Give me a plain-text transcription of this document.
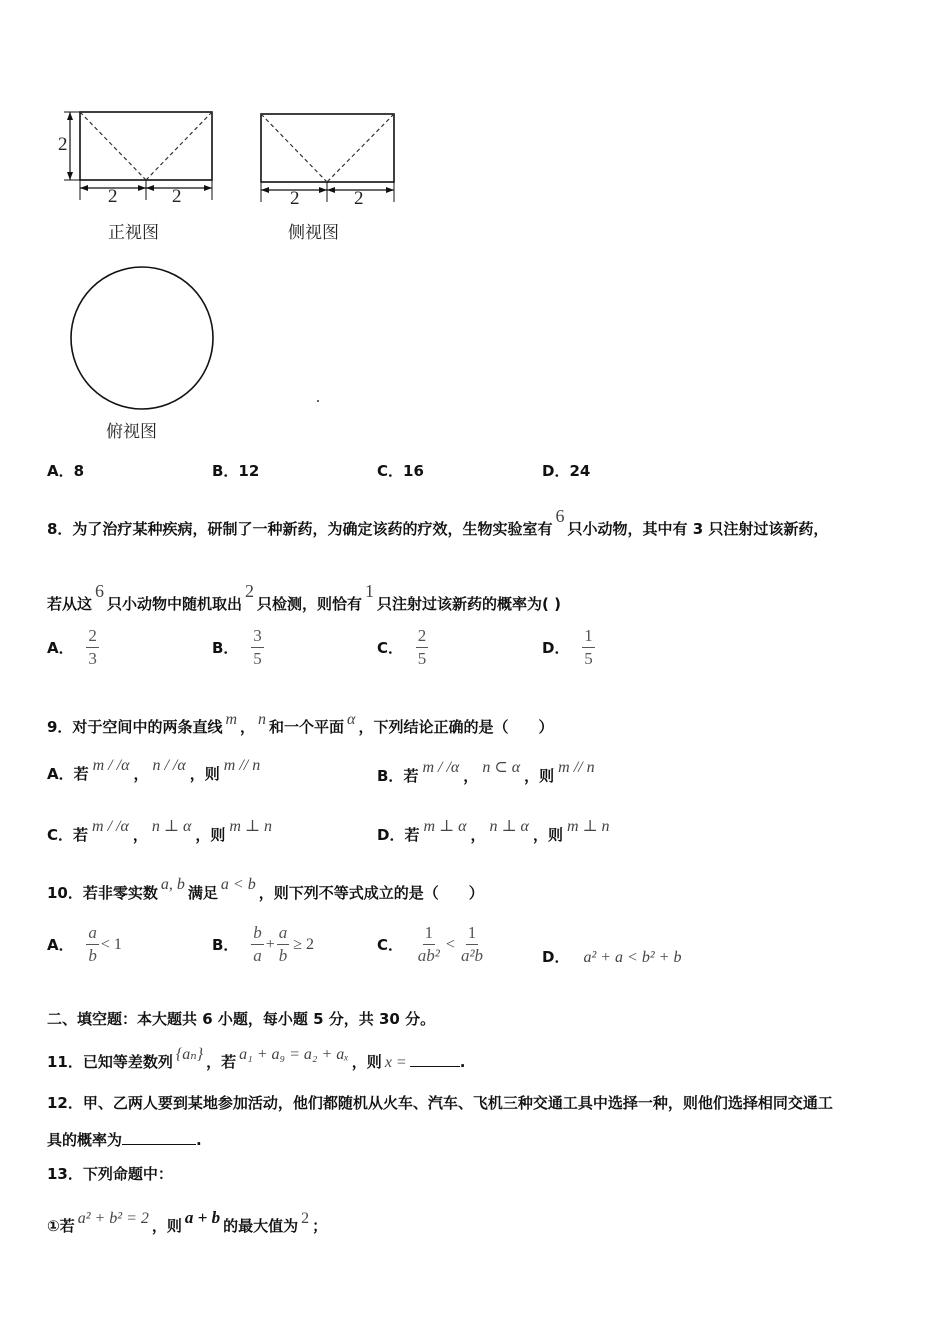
2
2	2
正视图
2	2
侧视图
俯视图
A．8	B．12	C．16	D．24
8．为了治疗某种疾病，研制了一种新药，为确定该药的疗效，生物实验室有6只小动物，其中有 3 只注射过该新药，
若从这6只小动物中随机取出2只检测，则恰有1只注射过该新药的概率为( )
A． $\frac{2}{3}$	B． $\frac{3}{5}$	C． $\frac{2}{5}$	D． $\frac{1}{5}$
9．对于空间中的两条直线 m ， n 和一个平面 α ，下列结论正确的是（　　）
A．若 m / /α ， n / /α ，则 m // n
B．若 m / /α ， n ⊂ α ，则 m // n
C．若 m / /α ， n ⊥ α ，则 m ⊥ n	D．若 m ⊥ α ， n ⊥ α ，则 m ⊥ n
10．若非零实数 a, b 满足 a < b ，则下列不等式成立的是（　　）
A． $\frac{a}{b} < 1$	B． $\frac{b}{a} + \frac{a}{b} \ge 2$	C． $\frac{1}{\text{ab²}} < \frac{1}{\text{a²b}}$	D． a² + a < b² + b
二、填空题：本大题共 6 小题，每小题 5 分，共 30 分。
11．已知等差数列 {aₙ} ，若 a₁ + a₉ = a₂ + aₓ ，则 x =	.
12．甲、乙两人要到某地参加活动，他们都随机从火车、汽车、飞机三种交通工具中选择一种，则他们选择相同交通工
具的概率为	.
13．下列命题中：
①若 a² + b² = 2 ，则 a + b 的最大值为 2 ；
